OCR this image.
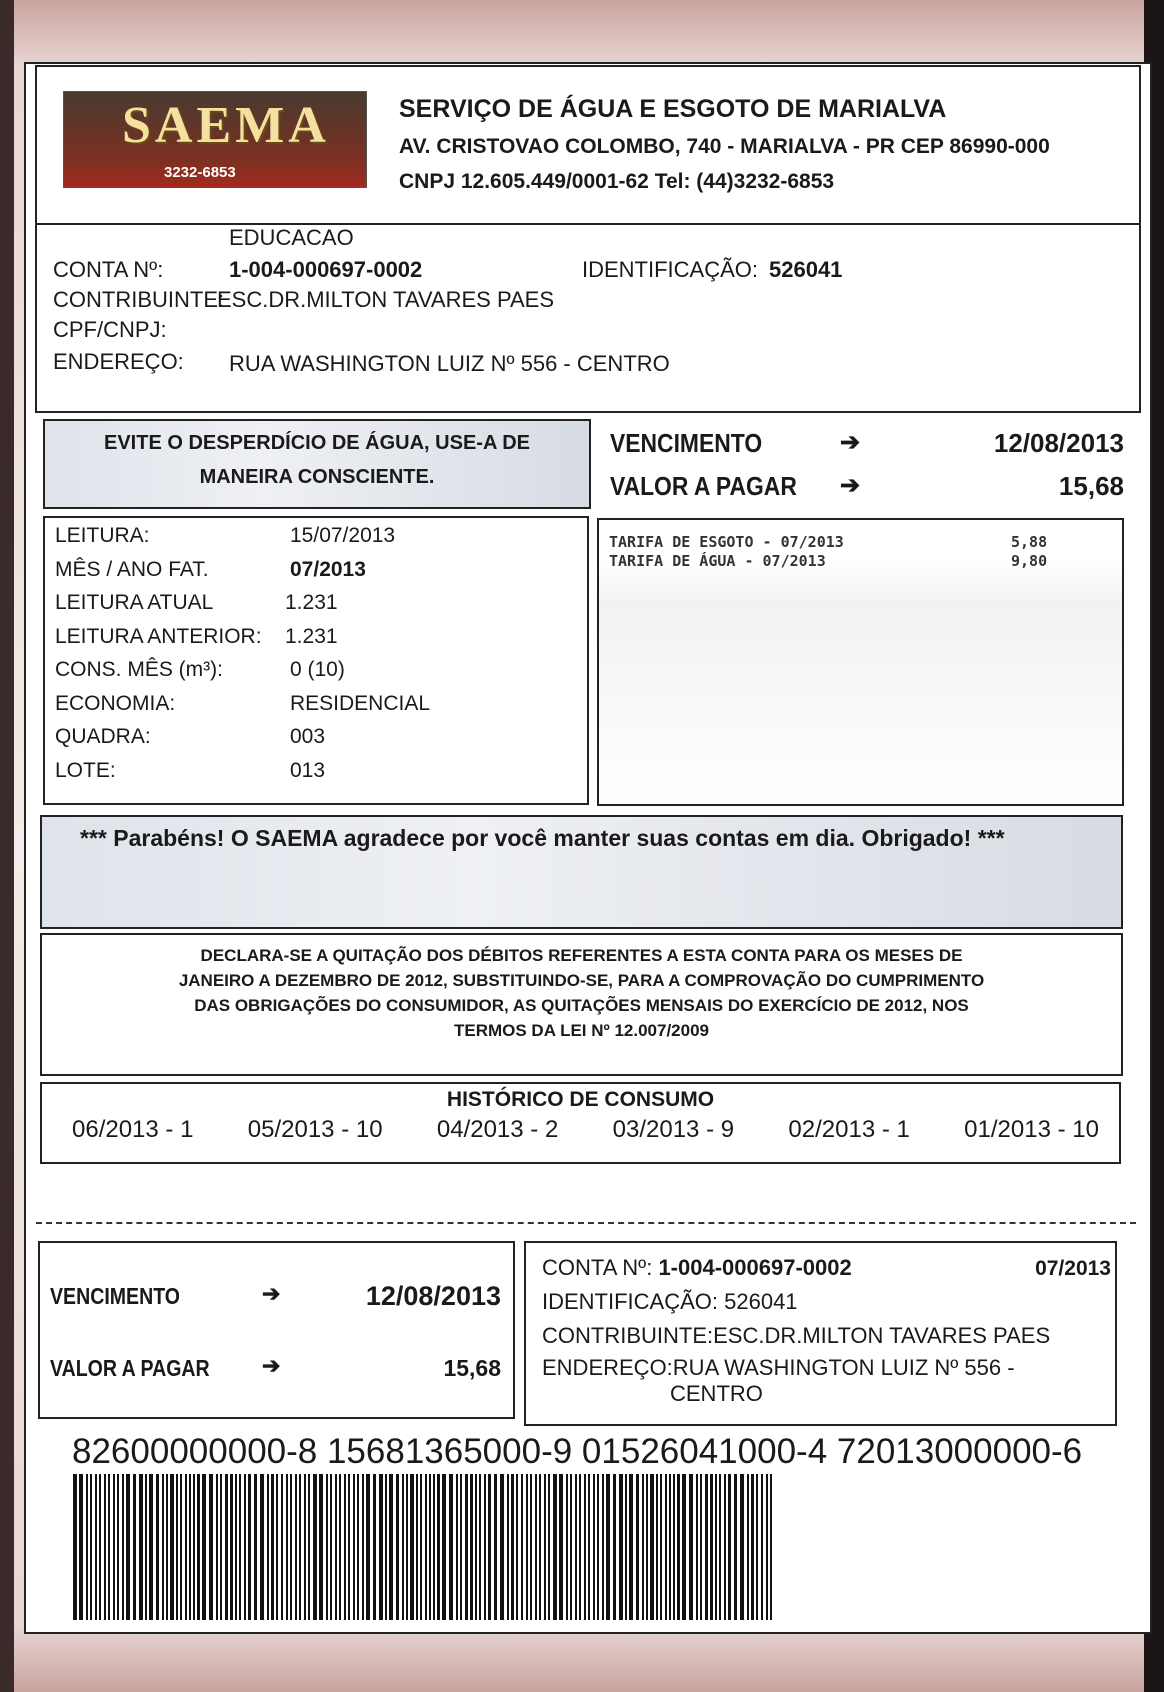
SAEMA
3232-6853
SERVIÇO DE ÁGUA E ESGOTO DE MARIALVA
AV. CRISTOVAO COLOMBO, 740 - MARIALVA - PR CEP 86990-000
CNPJ 12.605.449/0001-62 Tel: (44)3232-6853
EDUCACAO
CONTA Nº:	1-004-000697-0002	IDENTIFICAÇÃO: 526041
CONTRIBUINTE:
ESC.DR.MILTON TAVARES PAES
CPF/CNPJ:
ENDEREÇO: RUA WASHINGTON LUIZ Nº 556 - CENTRO
EVITE O DESPERDÍCIO DE ÁGUA, USE-A DE
MANEIRA CONSCIENTE.
VENCIMENTO	➔	12/08/2013
VALOR A PAGAR ➔	15,68
LEITURA:	15/07/2013
MÊS / ANO FAT.	07/2013
LEITURA ATUAL	1.231
LEITURA ANTERIOR: 1.231
CONS. MÊS (m³):	0 (10)
ECONOMIA:	RESIDENCIAL
QUADRA:	003
LOTE:	013
TARIFA DE ESGOTO - 07/2013	5,88
TARIFA DE ÁGUA - 07/2013	9,80
*** Parabéns! O SAEMA agradece por você manter suas contas em dia. Obrigado! ***
DECLARA-SE A QUITAÇÃO DOS DÉBITOS REFERENTES A ESTA CONTA PARA OS MESES DE
JANEIRO A DEZEMBRO DE 2012, SUBSTITUINDO-SE, PARA A COMPROVAÇÃO DO CUMPRIMENTO
DAS OBRIGAÇÕES DO CONSUMIDOR, AS QUITAÇÕES MENSAIS DO EXERCÍCIO DE 2012, NOS
TERMOS DA LEI Nº 12.007/2009
HISTÓRICO DE CONSUMO
06/2013 - 1 05/2013 - 10 04/2013 - 2 03/2013 - 9 02/2013 - 1 01/2013 - 10
VENCIMENTO	➔	12/08/2013
VALOR A PAGAR ➔	15,68
CONTA Nº: 1-004-000697-0002	07/2013
IDENTIFICAÇÃO: 526041
CONTRIBUINTE:ESC.DR.MILTON TAVARES PAES
ENDEREÇO:RUA WASHINGTON LUIZ Nº 556 -
CENTRO
82600000000-8 15681365000-9 01526041000-4 72013000000-6
